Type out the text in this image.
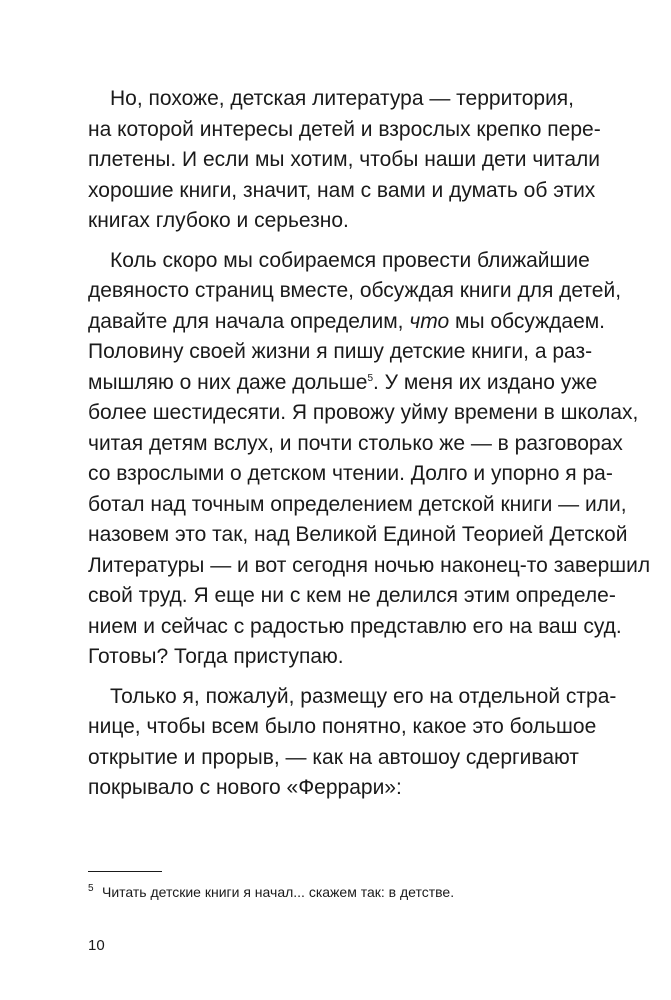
Но, похоже, детская литература — территория,
на которой интересы детей и взрослых крепко пере-
плетены. И если мы хотим, чтобы наши дети читали
хорошие книги, значит, нам с вами и думать об этих
книгах глубоко и серьезно.
Коль скоро мы собираемся провести ближайшие
девяносто страниц вместе, обсуждая книги для детей,
давайте для начала определим, что мы обсуждаем.
Половину своей жизни я пишу детские книги, а раз-
мышляю о них даже дольше$^5$. У меня их издано уже
более шестидесяти. Я провожу уйму времени в школах,
читая детям вслух, и почти столько же — в разговорах
со взрослыми о детском чтении. Долго и упорно я ра-
ботал над точным определением детской книги — или,
назовем это так, над Великой Единой Теорией Детской
Литературы — и вот сегодня ночью наконец-то завершил
свой труд. Я еще ни с кем не делился этим определе-
нием и сейчас с радостью представлю его на ваш суд.
Готовы? Тогда приступаю.
Только я, пожалуй, размещу его на отдельной стра-
нице, чтобы всем было понятно, какое это большое
открытие и прорыв, — как на автошоу сдергивают
покрывало с нового «Феррари»:
$^5$ Читать детские книги я начал... скажем так: в детстве.
10
